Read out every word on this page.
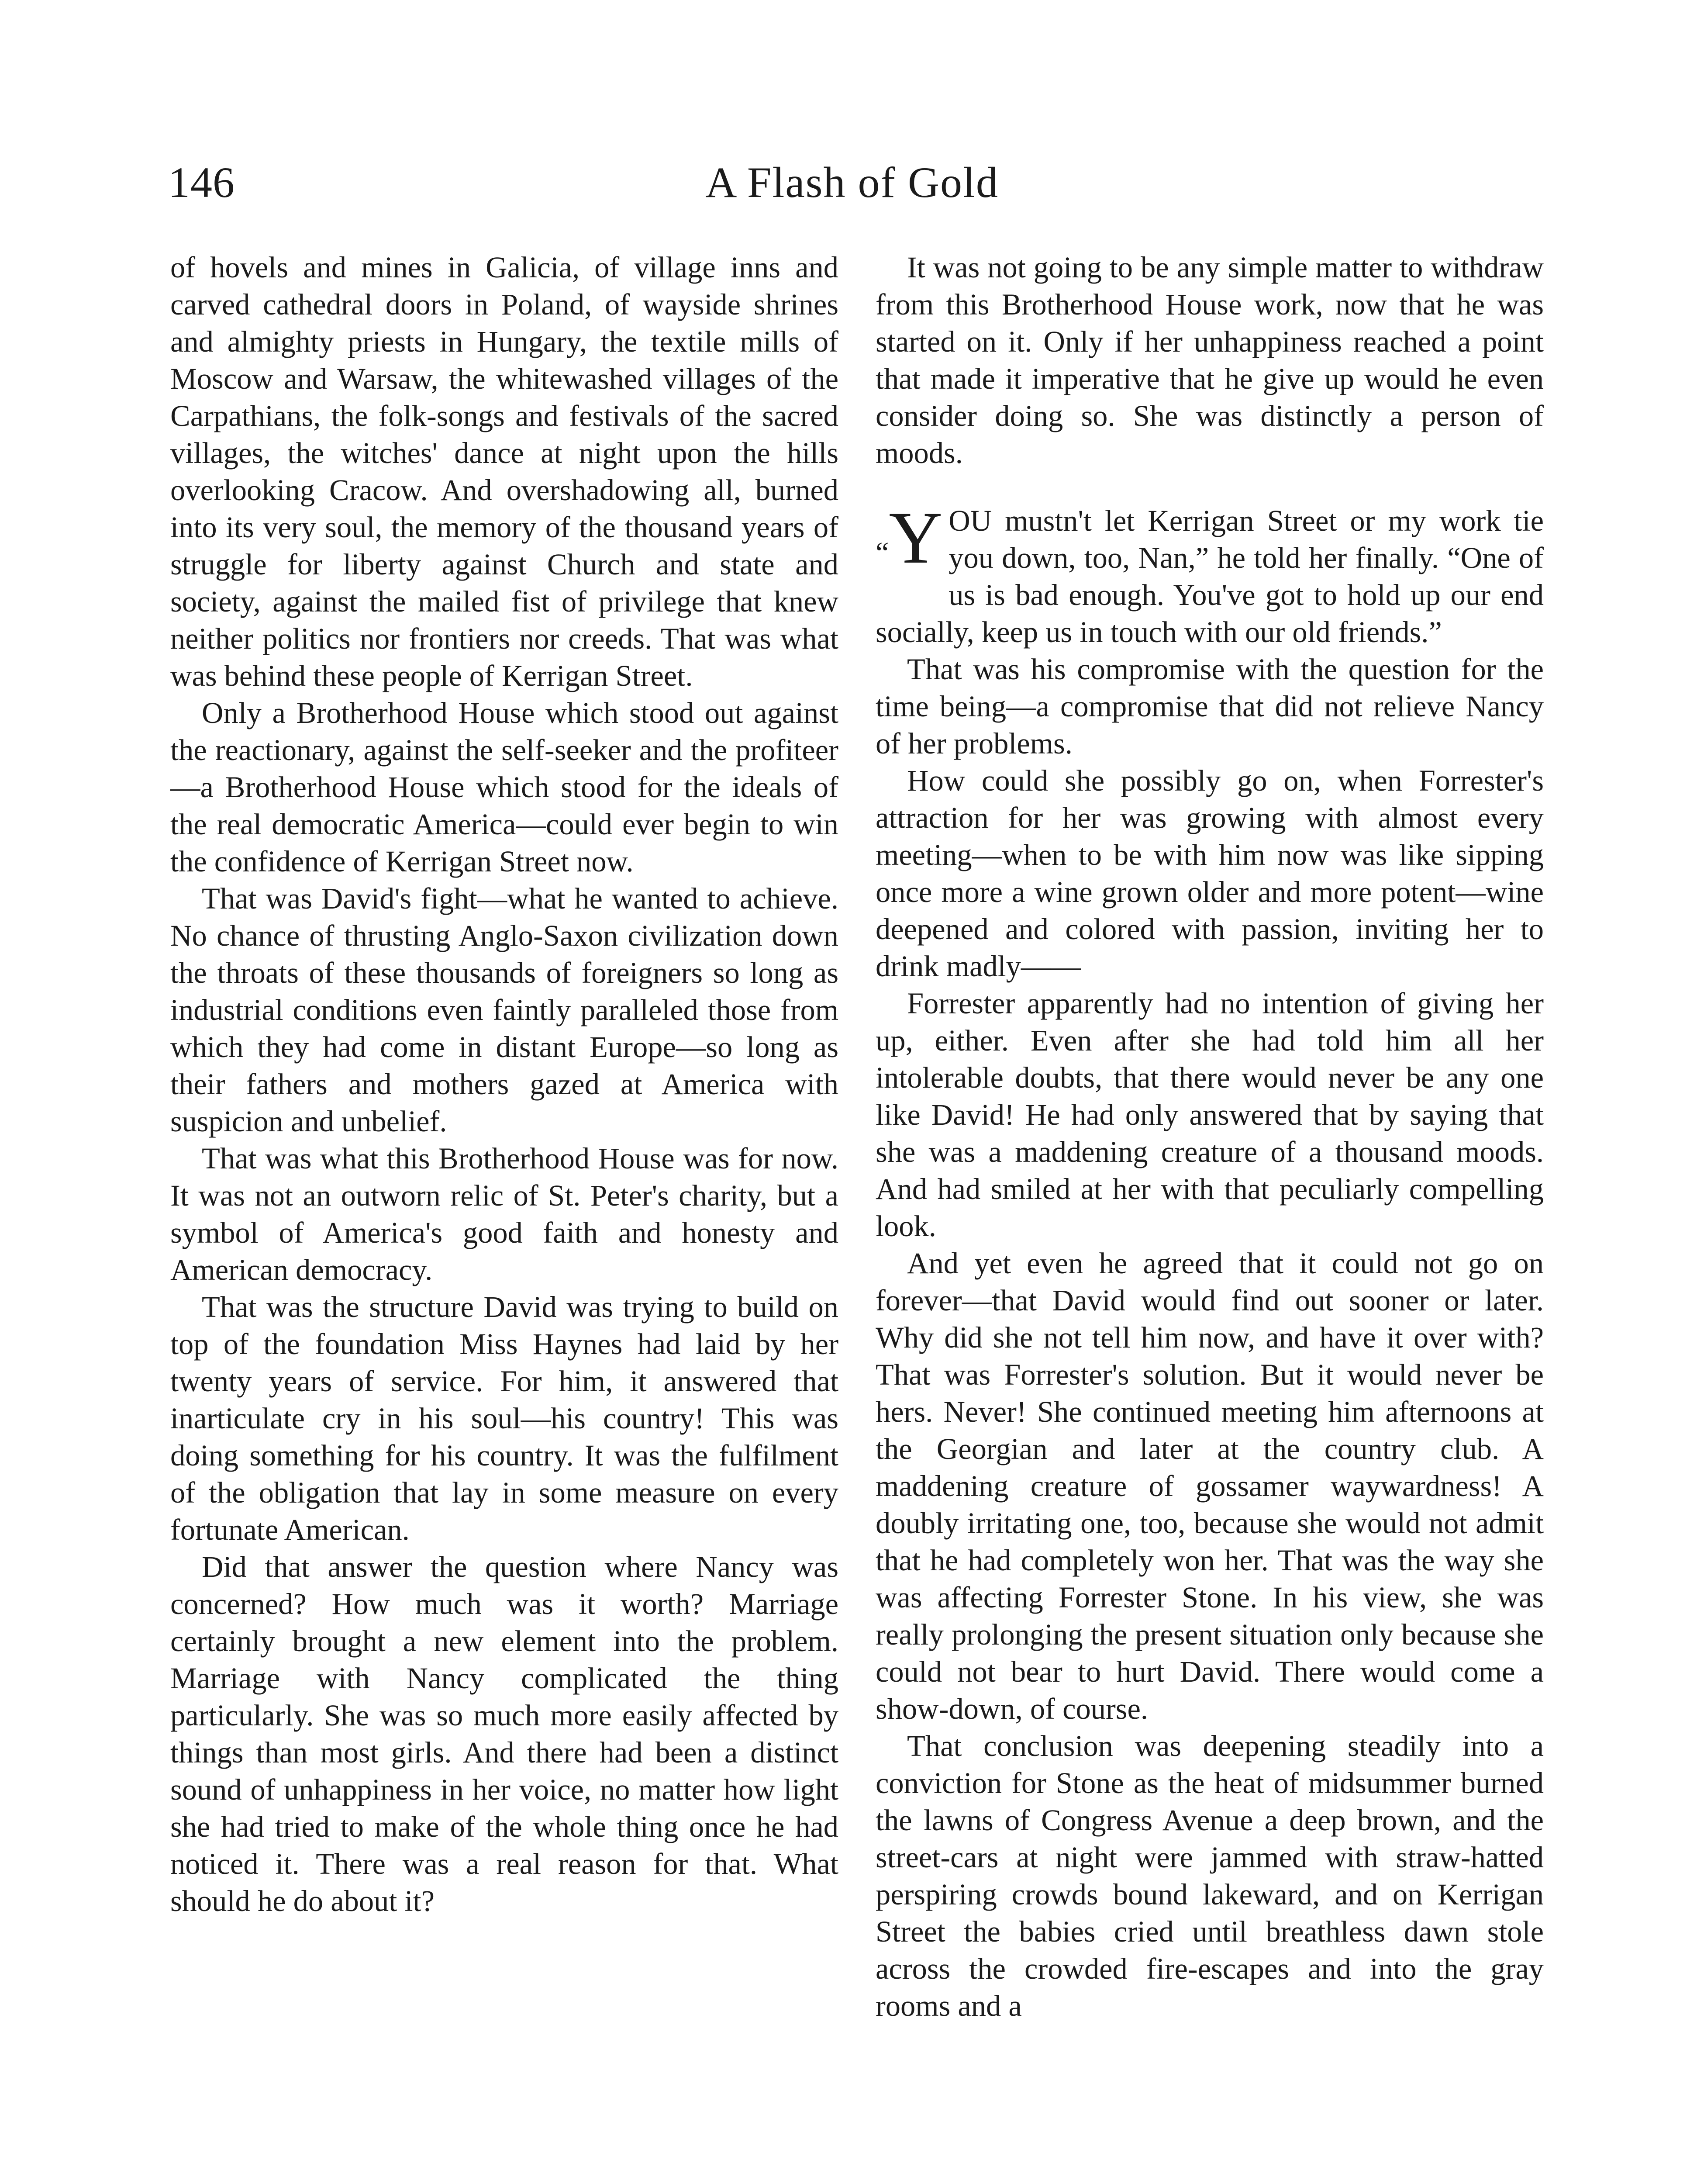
146	A Flash of Gold

of hovels and mines in Galicia, of village inns and carved cathedral doors in Poland, of wayside shrines and almighty priests in Hungary, the textile mills of Moscow and Warsaw, the whitewashed villages of the Carpathians, the folk-songs and festivals of the sacred villages, the witches' dance at night upon the hills overlooking Cracow. And overshadowing all, burned into its very soul, the memory of the thousand years of struggle for liberty against Church and state and society, against the mailed fist of privilege that knew neither politics nor frontiers nor creeds. That was what was behind these people of Kerrigan Street.

Only a Brotherhood House which stood out against the reactionary, against the self-seeker and the profiteer—a Brotherhood House which stood for the ideals of the real democratic America—could ever begin to win the confidence of Kerrigan Street now.

That was David's fight—what he wanted to achieve. No chance of thrusting Anglo-Saxon civilization down the throats of these thousands of foreigners so long as industrial conditions even faintly paralleled those from which they had come in distant Europe—so long as their fathers and mothers gazed at America with suspicion and unbelief.

That was what this Brotherhood House was for now. It was not an outworn relic of St. Peter's charity, but a symbol of America's good faith and honesty and American democracy.

That was the structure David was trying to build on top of the foundation Miss Haynes had laid by her twenty years of service. For him, it answered that inarticulate cry in his soul—his country! This was doing something for his country. It was the fulfilment of the obligation that lay in some measure on every fortunate American.

Did that answer the question where Nancy was concerned? How much was it worth? Marriage certainly brought a new element into the problem. Marriage with Nancy complicated the thing particularly. She was so much more easily affected by things than most girls. And there had been a distinct sound of unhappiness in her voice, no matter how light she had tried to make of the whole thing once he had noticed it. There was a real reason for that. What should he do about it?

It was not going to be any simple matter to withdraw from this Brotherhood House work, now that he was started on it. Only if her unhappiness reached a point that made it imperative that he give up would he even consider doing so. She was distinctly a person of moods.

“Y OU mustn't let Kerrigan Street or my work tie you down, too, Nan,” he told her finally. “One of us is bad enough. You've got to hold up our end socially, keep us in touch with our old friends.”

That was his compromise with the question for the time being—a compromise that did not relieve Nancy of her problems.

How could she possibly go on, when Forrester's attraction for her was growing with almost every meeting—when to be with him now was like sipping once more a wine grown older and more potent—wine deepened and colored with passion, inviting her to drink madly——

Forrester apparently had no intention of giving her up, either. Even after she had told him all her intolerable doubts, that there would never be any one like David! He had only answered that by saying that she was a maddening creature of a thousand moods. And had smiled at her with that peculiarly compelling look.

And yet even he agreed that it could not go on forever—that David would find out sooner or later. Why did she not tell him now, and have it over with? That was Forrester's solution. But it would never be hers. Never! She continued meeting him afternoons at the Georgian and later at the country club. A maddening creature of gossamer waywardness! A doubly irritating one, too, because she would not admit that he had completely won her. That was the way she was affecting Forrester Stone. In his view, she was really prolonging the present situation only because she could not bear to hurt David. There would come a show-down, of course.

That conclusion was deepening steadily into a conviction for Stone as the heat of midsummer burned the lawns of Congress Avenue a deep brown, and the street-cars at night were jammed with straw-hatted perspiring crowds bound lakeward, and on Kerrigan Street the babies cried until breathless dawn stole across the crowded fire-escapes and into the gray rooms and a
